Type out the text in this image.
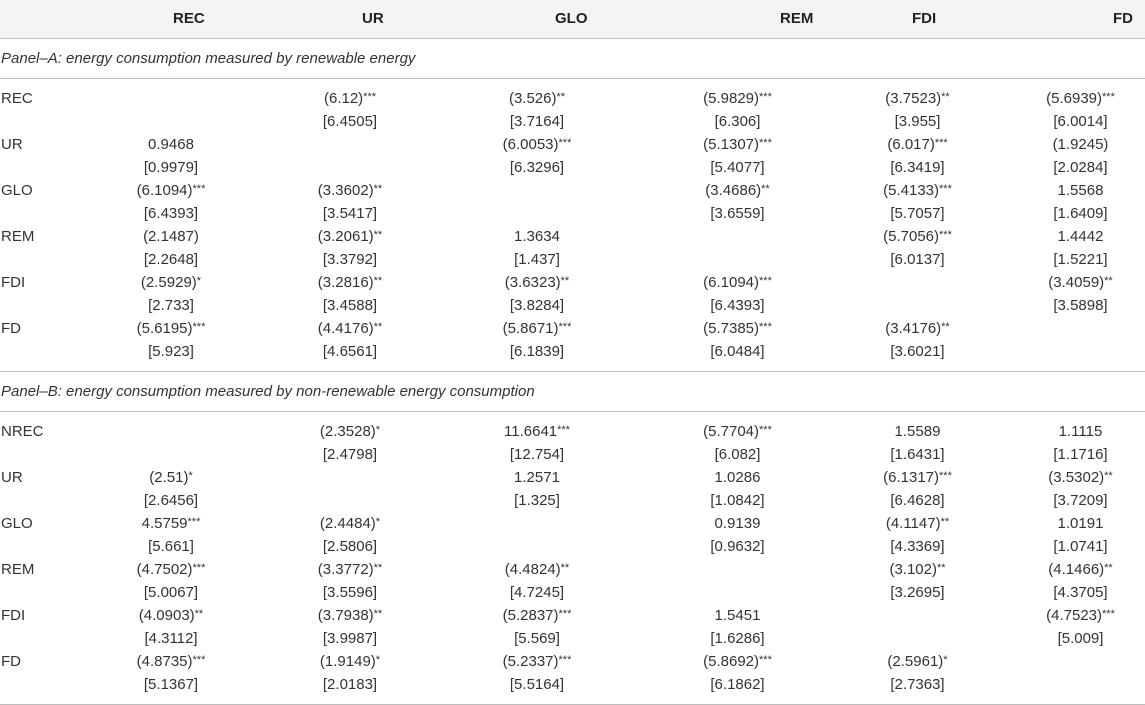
	REC	UR	GLO	REM	FDI	FD
Panel–A: energy consumption measured by renewable energy						
REC		(6.12)***	(3.526)**	(5.9829)***	(3.7523)**	(5.6939)***
		[6.4505]	[3.7164]	[6.306]	[3.955]	[6.0014]
UR	0.9468		(6.0053)***	(5.1307)***	(6.017)***	(1.9245)
	[0.9979]		[6.3296]	[5.4077]	[6.3419]	[2.0284]
GLO	(6.1094)***	(3.3602)**		(3.4686)**	(5.4133)***	1.5568
	[6.4393]	[3.5417]		[3.6559]	[5.7057]	[1.6409]
REM	(2.1487)	(3.2061)**	1.3634		(5.7056)***	1.4442
	[2.2648]	[3.3792]	[1.437]		[6.0137]	[1.5221]
FDI	(2.5929)*	(3.2816)**	(3.6323)**	(6.1094)***		(3.4059)**
	[2.733]	[3.4588]	[3.8284]	[6.4393]		[3.5898]
FD	(5.6195)***	(4.4176)**	(5.8671)***	(5.7385)***	(3.4176)**	
	[5.923]	[4.6561]	[6.1839]	[6.0484]	[3.6021]	
Panel–B: energy consumption measured by non-renewable energy consumption						
NREC		(2.3528)*	11.6641***	(5.7704)***	1.5589	1.1115
		[2.4798]	[12.754]	[6.082]	[1.6431]	[1.1716]
UR	(2.51)*		1.2571	1.0286	(6.1317)***	(3.5302)**
	[2.6456]		[1.325]	[1.0842]	[6.4628]	[3.7209]
GLO	4.5759***	(2.4484)*		0.9139	(4.1147)**	1.0191
	[5.661]	[2.5806]		[0.9632]	[4.3369]	[1.0741]
REM	(4.7502)***	(3.3772)**	(4.4824)**		(3.102)**	(4.1466)**
	[5.0067]	[3.5596]	[4.7245]		[3.2695]	[4.3705]
FDI	(4.0903)**	(3.7938)**	(5.2837)***	1.5451		(4.7523)***
	[4.3112]	[3.9987]	[5.569]	[1.6286]		[5.009]
FD	(4.8735)***	(1.9149)*	(5.2337)***	(5.8692)***	(2.5961)*	
	[5.1367]	[2.0183]	[5.5164]	[6.1862]	[2.7363]	
